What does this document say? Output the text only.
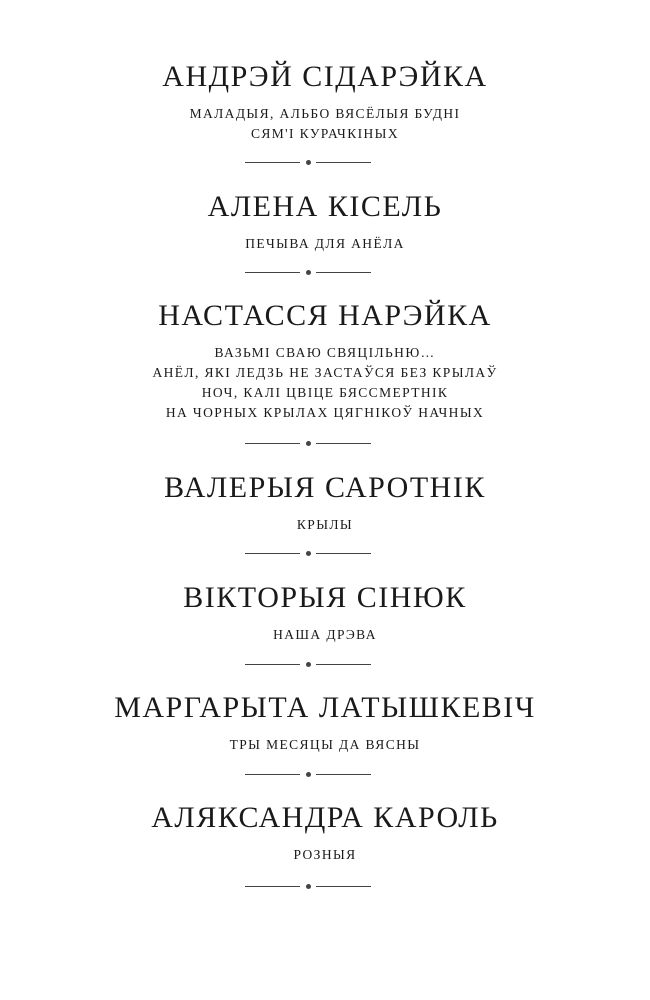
АНДРЭЙ СІДАРЭЙКА
МАЛАДЫЯ, АЛЬБО ВЯСЁЛЫЯ БУДНІ
СЯМ'І КУРАЧКІНЫХ
АЛЕНА КІСЕЛЬ
ПЕЧЫВА ДЛЯ АНЁЛА
НАСТАССЯ НАРЭЙКА
ВАЗЬМІ СВАЮ СВЯЦІЛЬНЮ…
АНЁЛ, ЯКІ ЛЕДЗЬ НЕ ЗАСТАЎСЯ БЕЗ КРЫЛАЎ
НОЧ, КАЛІ ЦВІЦЕ БЯССМЕРТНІК
НА ЧОРНЫХ КРЫЛАХ ЦЯГНІКОЎ НАЧНЫХ
ВАЛЕРЫЯ САРОТНІК
КРЫЛЫ
ВІКТОРЫЯ СІНЮК
НАША ДРЭВА
МАРГАРЫТА ЛАТЫШКЕВІЧ
ТРЫ МЕСЯЦЫ ДА ВЯСНЫ
АЛЯКСАНДРА КАРОЛЬ
РОЗНЫЯ
